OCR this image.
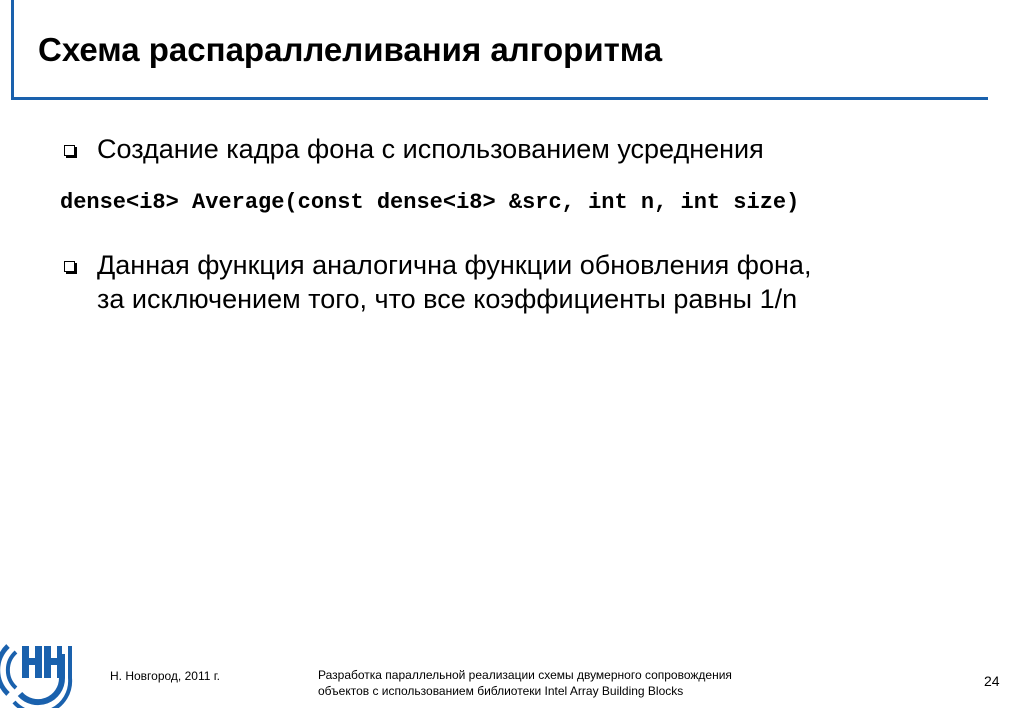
Схема распараллеливания алгоритма
Создание кадра фона с использованием усреднения
dense<i8> Average(const dense<i8> &src, int n, int size)
Данная функция аналогична функции обновления фона,
за исключением того, что все коэффициенты равны 1/n
Н. Новгород, 2011 г.	Разработка параллельной реализации схемы двумерного сопровождения
объектов с использованием библиотеки Intel Array Building Blocks
24
